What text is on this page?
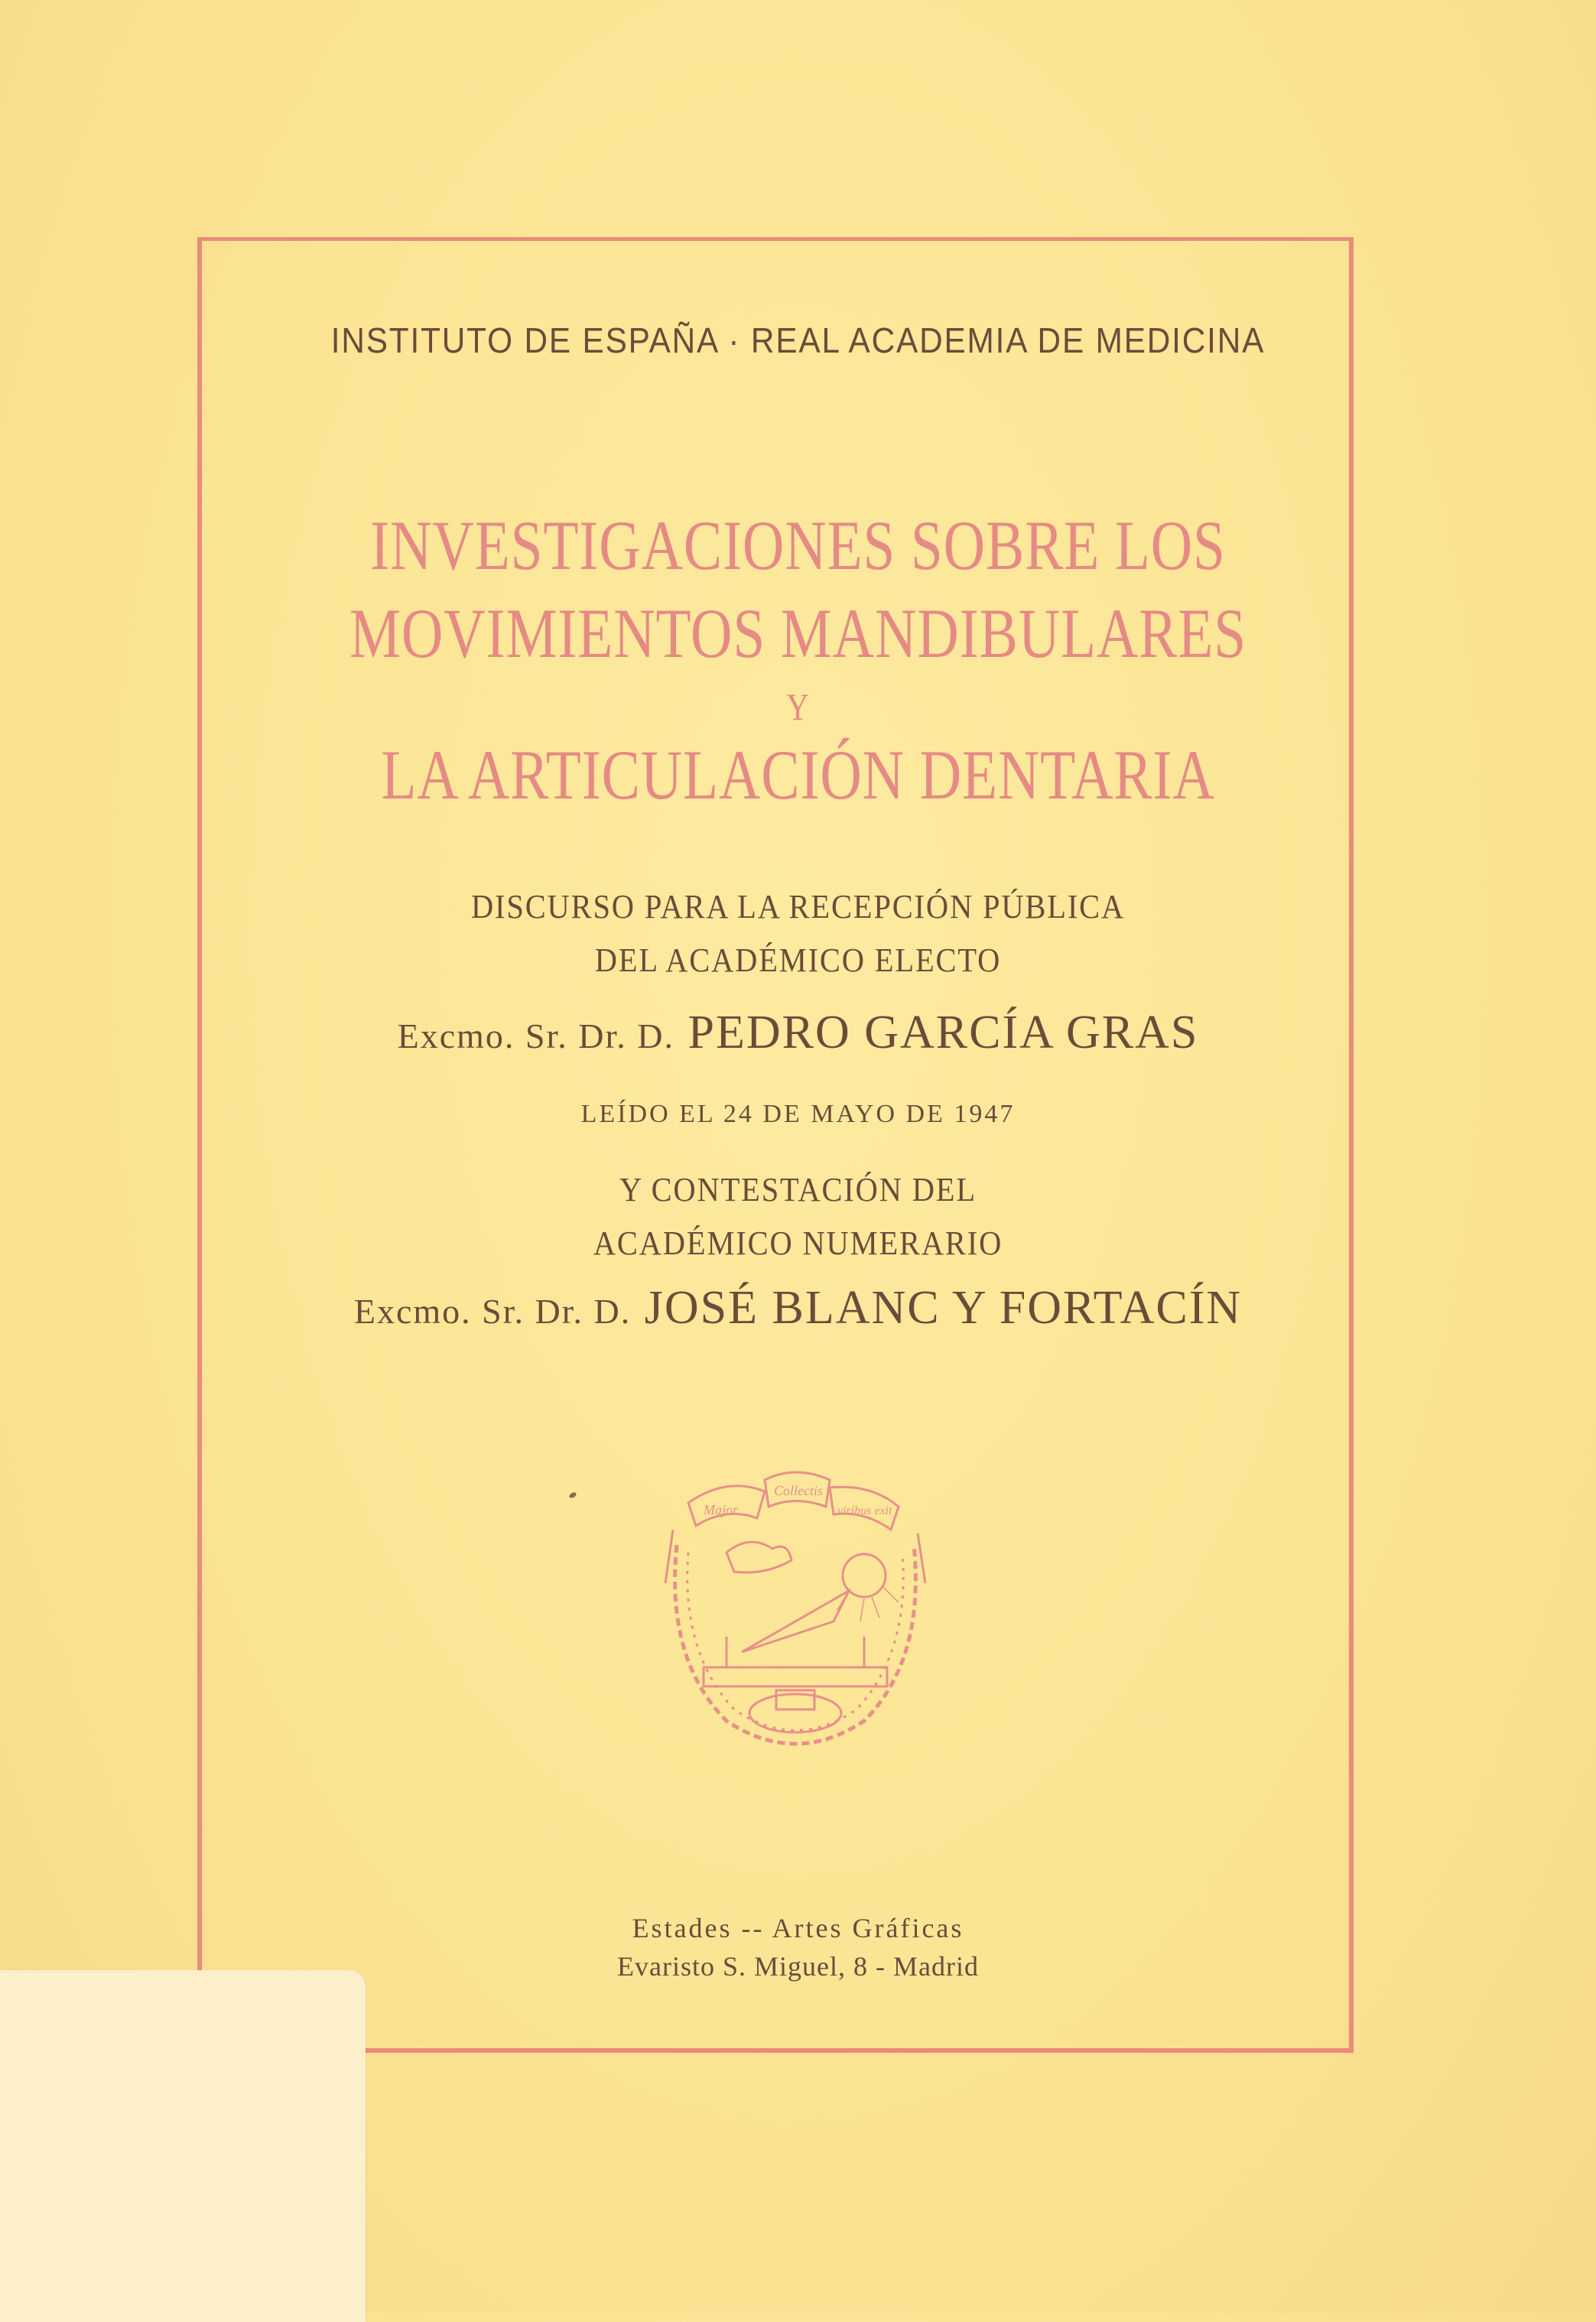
INSTITUTO DE ESPAÑA · REAL ACADEMIA DE MEDICINA
INVESTIGACIONES SOBRE LOS
MOVIMIENTOS MANDIBULARES
Y
LA ARTICULACIÓN DENTARIA
DISCURSO PARA LA RECEPCIÓN PÚBLICA
DEL ACADÉMICO ELECTO
Excmo. Sr. Dr. D. PEDRO GARCÍA GRAS
LEÍDO EL 24 DE MAYO DE 1947
Y CONTESTACIÓN DEL
ACADÉMICO NUMERARIO
Excmo. Sr. Dr. D. JOSÉ BLANC Y FORTACÍN
Major
Collectis
viribus exit
Estades -- Artes Gráficas
Evaristo S. Miguel, 8 - Madrid
